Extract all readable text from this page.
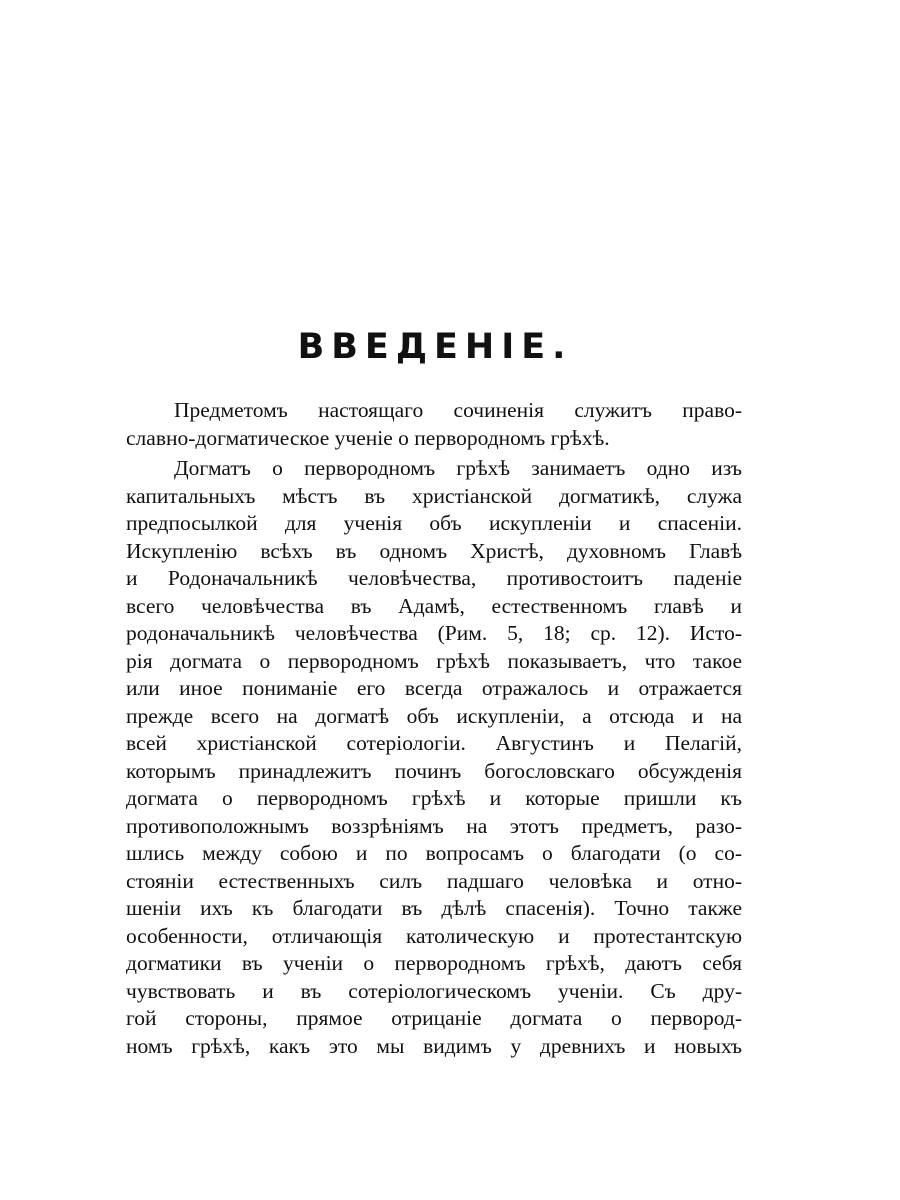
ВВЕДЕНІЕ.
Предметомъ настоящаго сочиненія служитъ право-
славно-догматическое ученіе о первородномъ грѣхѣ.
Догматъ о первородномъ грѣхѣ занимаетъ одно изъ
капитальныхъ мѣстъ въ христіанской догматикѣ, служа
предпосылкой для ученія объ искупленіи и спасеніи.
Искупленію всѣхъ въ одномъ Христѣ, духовномъ Главѣ
и Родоначальникѣ человѣчества, противостоитъ паденіе
всего человѣчества въ Адамѣ, естественномъ главѣ и
родоначальникѣ человѣчества (Рим. 5, 18; ср. 12). Исто-
рія догмата о первородномъ грѣхѣ показываетъ, что такое
или иное пониманіе его всегда отражалось и отражается
прежде всего на догматѣ объ искупленіи, а отсюда и на
всей христіанской сотеріологіи. Августинъ и Пелагій,
которымъ принадлежитъ починъ богословскаго обсужденія
догмата о первородномъ грѣхѣ и которые пришли къ
противоположнымъ воззрѣніямъ на этотъ предметъ, разо-
шлись между собою и по вопросамъ о благодати (о со-
стояніи естественныхъ силъ падшаго человѣка и отно-
шеніи ихъ къ благодати въ дѣлѣ спасенія). Точно также
особенности, отличающія католическую и протестантскую
догматики въ ученіи о первородномъ грѣхѣ, даютъ себя
чувствовать и въ сотеріологическомъ ученіи. Съ дру-
гой стороны, прямое отрицаніе догмата о первород-
номъ грѣхѣ, какъ это мы видимъ у древнихъ и новыхъ
